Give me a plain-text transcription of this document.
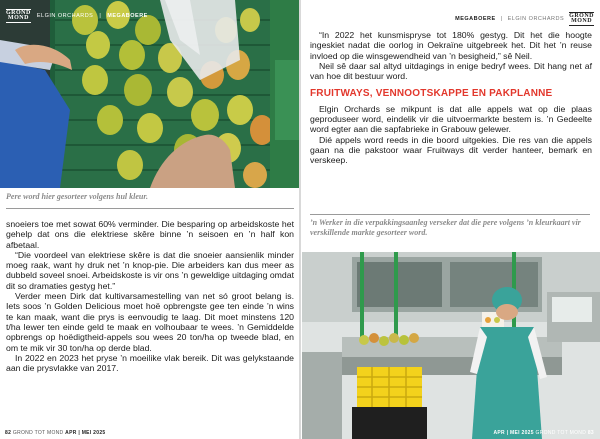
GROND
MOND	ELGIN ORCHARDS | MEGABOERE
Pere word hier gesorteer volgens hul kleur.

snoeiers toe met sowat 60% verminder. Die besparing op arbeidskoste het gehelp dat ons die elektriese skêre binne ’n seisoen en ’n half kon afbetaal.

“Die voordeel van elektriese skêre is dat die snoeier aansienlik minder moeg raak, want hy druk net ’n knop-pie. Die arbeiders kan dus meer as dubbeld soveel snoei. Arbeidskoste is vir ons ’n geweldige uitdaging omdat dit so dramaties gestyg het.”

Verder meen Dirk dat kultivarsamestelling van net só groot belang is. Iets soos ’n Golden Delicious moet hoë opbrengste gee ten einde ’n wins te kan maak, want die prys is eenvoudig te laag. Dit moet minstens 120 t/ha lewer ten einde geld te maak en volhoubaar te wees. ’n Gemiddelde opbrengs op hoëdigtheid-appels sou wees 20 ton/ha op tweede blad, en om te mik vir 30 ton/ha op derde blad.

In 2022 en 2023 het pryse ’n moeilike vlak bereik. Dit was gelykstaande aan die prysvlakke van 2017.

82 GROND TOT MOND APR | MEI 2025
MEGABOERE | ELGIN ORCHARDS GROND
MOND

“In 2022 het kunsmispryse tot 180% gestyg. Dit het die hoogte ingeskiet nadat die oorlog in Oekraïne uitgebreek het. Dit het ’n reuse invloed op die winsgewendheid van ’n besigheid,” sê Neil.

Neil sê daar sal altyd uitdagings in enige bedryf wees. Dit hang net af van hoe dit bestuur word.

FRUITWAYS, VENNOOTSKAPPE EN PAKPLANNE

Elgin Orchards se mikpunt is dat alle appels wat op die plaas geproduseer word, eindelik vir die uitvoermarkte bestem is. ’n Gedeelte word egter aan die sapfabrieke in Grabouw gelewer.

Dié appels word reeds in die boord uitgekies. Die res van die appels gaan na die pakstoor waar Fruitways dit verder hanteer, bemark en verskeep.

’n Werker in die verpakkingsaanleg verseker dat die pere volgens ’n kleurkaart vir verskillende markte gesorteer word.
APR | MEI 2025 GROND TOT MOND 83
